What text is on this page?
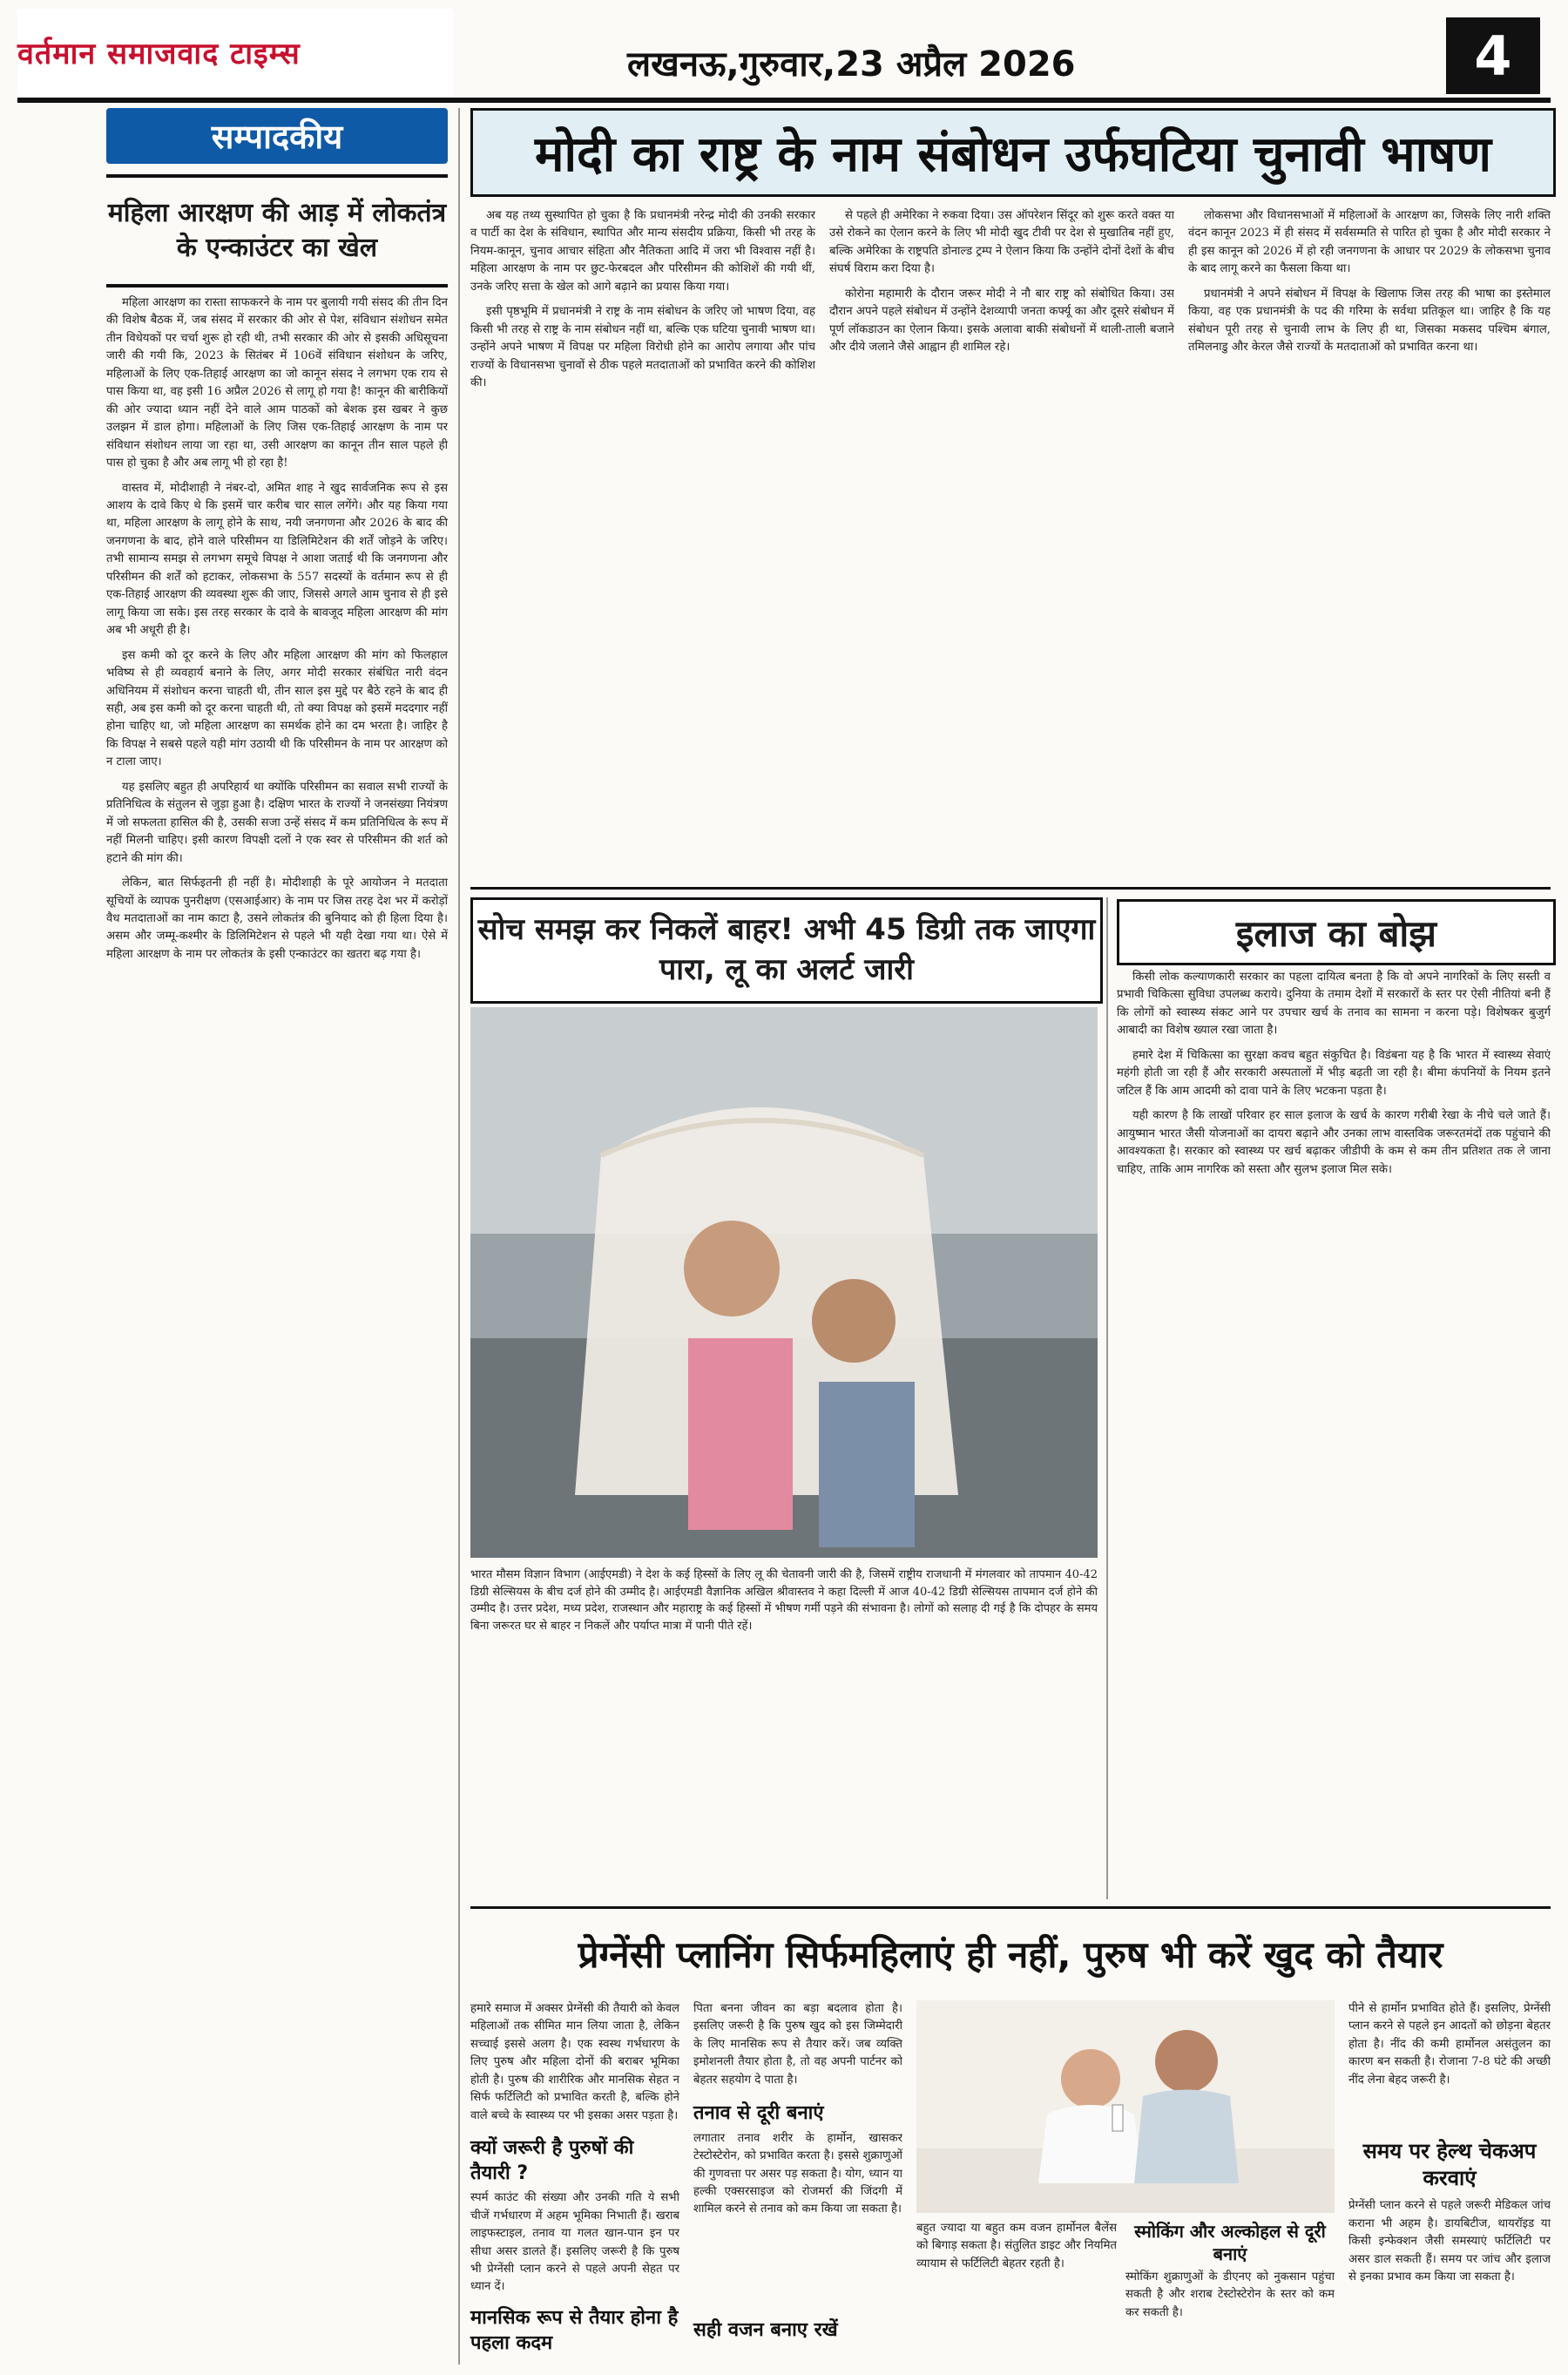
वर्तमान समाजवाद टाइम्स	लखनऊ,गुरुवार,23 अप्रैल 2026	4
सम्पादकीय
महिला आरक्षण की आड़ में लोकतंत्र के एन्काउंटर का खेल

महिला आरक्षण का रास्ता साफकरने के नाम पर बुलायी गयी संसद की तीन दिन की विशेष बैठक में, जब संसद में सरकार की ओर से पेश, संविधान संशोधन समेत तीन विधेयकों पर चर्चा शुरू हो रही थी, तभी सरकार की ओर से इसकी अधिसूचना जारी की गयी कि, 2023 के सितंबर में 106वें संविधान संशोधन के जरिए, महिलाओं के लिए एक-तिहाई आरक्षण का जो कानून संसद ने लगभग एक राय से पास किया था, वह इसी 16 अप्रैल 2026 से लागू हो गया है! कानून की बारीकियों की ओर ज्यादा ध्यान नहीं देने वाले आम पाठकों को बेशक इस खबर ने कुछ उलझन में डाल होगा। महिलाओं के लिए जिस एक-तिहाई आरक्षण के नाम पर संविधान संशोधन लाया जा रहा था, उसी आरक्षण का कानून तीन साल पहले ही पास हो चुका है और अब लागू भी हो रहा है!

वास्तव में, मोदीशाही ने नंबर-दो, अमित शाह ने खुद सार्वजनिक रूप से इस आशय के दावे किए थे कि इसमें चार करीब चार साल लगेंगे। और यह किया गया था, महिला आरक्षण के लागू होने के साथ, नयी जनगणना और 2026 के बाद की जनगणना के बाद, होने वाले परिसीमन या डिलिमिटेशन की शर्तें जोड़ने के जरिए। तभी सामान्य समझ से लगभग समूचे विपक्ष ने आशा जताई थी कि जनगणना और परिसीमन की शर्तें को हटाकर, लोकसभा के 557 सदस्यों के वर्तमान रूप से ही एक-तिहाई आरक्षण की व्यवस्था शुरू की जाए, जिससे अगले आम चुनाव से ही इसे लागू किया जा सके। इस तरह सरकार के दावे के बावजूद महिला आरक्षण की मांग अब भी अधूरी ही है।

इस कमी को दूर करने के लिए और महिला आरक्षण की मांग को फिलहाल भविष्य से ही व्यवहार्य बनाने के लिए, अगर मोदी सरकार संबंधित नारी वंदन अधिनियम में संशोधन करना चाहती थी, तीन साल इस मुद्दे पर बैठे रहने के बाद ही सही, अब इस कमी को दूर करना चाहती थी, तो क्या विपक्ष को इसमें मददगार नहीं होना चाहिए था, जो महिला आरक्षण का समर्थक होने का दम भरता है। जाहिर है कि विपक्ष ने सबसे पहले यही मांग उठायी थी कि परिसीमन के नाम पर आरक्षण को न टाला जाए।

यह इसलिए बहुत ही अपरिहार्य था क्योंकि परिसीमन का सवाल सभी राज्यों के प्रतिनिधित्व के संतुलन से जुड़ा हुआ है। दक्षिण भारत के राज्यों ने जनसंख्या नियंत्रण में जो सफलता हासिल की है, उसकी सजा उन्हें संसद में कम प्रतिनिधित्व के रूप में नहीं मिलनी चाहिए। इसी कारण विपक्षी दलों ने एक स्वर से परिसीमन की शर्त को हटाने की मांग की।

लेकिन, बात सिर्फइतनी ही नहीं है। मोदीशाही के पूरे आयोजन ने मतदाता सूचियों के व्यापक पुनरीक्षण (एसआईआर) के नाम पर जिस तरह देश भर में करोड़ों वैध मतदाताओं का नाम काटा है, उसने लोकतंत्र की बुनियाद को ही हिला दिया है। असम और जम्मू-कश्मीर के डिलिमिटेशन से पहले भी यही देखा गया था। ऐसे में महिला आरक्षण के नाम पर लोकतंत्र के इसी एन्काउंटर का खतरा बढ़ गया है।

मोदी का राष्ट्र के नाम संबोधन उर्फघटिया चुनावी भाषण

अब यह तथ्य सुस्थापित हो चुका है कि प्रधानमंत्री नरेन्द्र मोदी की उनकी सरकार व पार्टी का देश के संविधान, स्थापित और मान्य संसदीय प्रक्रिया, किसी भी तरह के नियम-कानून, चुनाव आचार संहिता और नैतिकता आदि में जरा भी विश्वास नहीं है। महिला आरक्षण के नाम पर छुट-फेरबदल और परिसीमन की कोशिशें की गयी थीं, उनके जरिए सत्ता के खेल को आगे बढ़ाने का प्रयास किया गया।

इसी पृष्ठभूमि में प्रधानमंत्री ने राष्ट्र के नाम संबोधन के जरिए जो भाषण दिया, वह किसी भी तरह से राष्ट्र के नाम संबोधन नहीं था, बल्कि एक घटिया चुनावी भाषण था। उन्होंने अपने भाषण में विपक्ष पर महिला विरोधी होने का आरोप लगाया और पांच राज्यों के विधानसभा चुनावों से ठीक पहले मतदाताओं को प्रभावित करने की कोशिश की।

से पहले ही अमेरिका ने रुकवा दिया। उस ऑपरेशन सिंदूर को शुरू करते वक्त या उसे रोकने का ऐलान करने के लिए भी मोदी खुद टीवी पर देश से मुखातिब नहीं हुए, बल्कि अमेरिका के राष्ट्रपति डोनाल्ड ट्रम्प ने ऐलान किया कि उन्होंने दोनों देशों के बीच संघर्ष विराम करा दिया है।

कोरोना महामारी के दौरान जरूर मोदी ने नौ बार राष्ट्र को संबोधित किया। उस दौरान अपने पहले संबोधन में उन्होंने देशव्यापी जनता कर्फ्यू का और दूसरे संबोधन में पूर्ण लॉकडाउन का ऐलान किया। इसके अलावा बाकी संबोधनों में थाली-ताली बजाने और दीये जलाने जैसे आह्वान ही शामिल रहे।

लोकसभा और विधानसभाओं में महिलाओं के आरक्षण का, जिसके लिए नारी शक्ति वंदन कानून 2023 में ही संसद में सर्वसम्मति से पारित हो चुका है और मोदी सरकार ने ही इस कानून को 2026 में हो रही जनगणना के आधार पर 2029 के लोकसभा चुनाव के बाद लागू करने का फैसला किया था।

प्रधानमंत्री ने अपने संबोधन में विपक्ष के खिलाफ जिस तरह की भाषा का इस्तेमाल किया, वह एक प्रधानमंत्री के पद की गरिमा के सर्वथा प्रतिकूल था। जाहिर है कि यह संबोधन पूरी तरह से चुनावी लाभ के लिए ही था, जिसका मकसद पश्चिम बंगाल, तमिलनाडु और केरल जैसे राज्यों के मतदाताओं को प्रभावित करना था।

सोच समझ कर निकलें बाहर! अभी 45 डिग्री तक जाएगा पारा, लू का अलर्ट जारी
भारत मौसम विज्ञान विभाग (आईएमडी) ने देश के कई हिस्सों के लिए लू की चेतावनी जारी की है, जिसमें राष्ट्रीय राजधानी में मंगलवार को तापमान 40-42 डिग्री सेल्सियस के बीच दर्ज होने की उम्मीद है। आईएमडी वैज्ञानिक अखिल श्रीवास्तव ने कहा दिल्ली में आज 40-42 डिग्री सेल्सियस तापमान दर्ज होने की उम्मीद है। उत्तर प्रदेश, मध्य प्रदेश, राजस्थान और महाराष्ट्र के कई हिस्सों में भीषण गर्मी पड़ने की संभावना है। लोगों को सलाह दी गई है कि दोपहर के समय बिना जरूरत घर से बाहर न निकलें और पर्याप्त मात्रा में पानी पीते रहें।
इलाज का बोझ

किसी लोक कल्याणकारी सरकार का पहला दायित्व बनता है कि वो अपने नागरिकों के लिए सस्ती व प्रभावी चिकित्सा सुविधा उपलब्ध कराये। दुनिया के तमाम देशों में सरकारों के स्तर पर ऐसी नीतियां बनी हैं कि लोगों को स्वास्थ्य संकट आने पर उपचार खर्च के तनाव का सामना न करना पड़े। विशेषकर बुजुर्ग आबादी का विशेष ख्याल रखा जाता है।

हमारे देश में चिकित्सा का सुरक्षा कवच बहुत संकुचित है। विडंबना यह है कि भारत में स्वास्थ्य सेवाएं महंगी होती जा रही हैं और सरकारी अस्पतालों में भीड़ बढ़ती जा रही है। बीमा कंपनियों के नियम इतने जटिल हैं कि आम आदमी को दावा पाने के लिए भटकना पड़ता है।

यही कारण है कि लाखों परिवार हर साल इलाज के खर्च के कारण गरीबी रेखा के नीचे चले जाते हैं। आयुष्मान भारत जैसी योजनाओं का दायरा बढ़ाने और उनका लाभ वास्तविक जरूरतमंदों तक पहुंचाने की आवश्यकता है। सरकार को स्वास्थ्य पर खर्च बढ़ाकर जीडीपी के कम से कम तीन प्रतिशत तक ले जाना चाहिए, ताकि आम नागरिक को सस्ता और सुलभ इलाज मिल सके।

प्रेग्नेंसी प्लानिंग सिर्फमहिलाएं ही नहीं, पुरुष भी करें खुद को तैयार
हमारे समाज में अक्सर प्रेग्नेंसी की तैयारी को केवल महिलाओं तक सीमित मान लिया जाता है, लेकिन सच्चाई इससे अलग है। एक स्वस्थ गर्भधारण के लिए पुरुष और महिला दोनों की बराबर भूमिका होती है। पुरुष की शारीरिक और मानसिक सेहत न सिर्फ फर्टिलिटी को प्रभावित करती है, बल्कि होने वाले बच्चे के स्वास्थ्य पर भी इसका असर पड़ता है।
क्यों जरूरी है पुरुषों की तैयारी ?
स्पर्म काउंट की संख्या और उनकी गति ये सभी चीजें गर्भधारण में अहम भूमिका निभाती हैं। खराब लाइफस्टाइल, तनाव या गलत खान-पान इन पर सीधा असर डालते हैं। इसलिए जरूरी है कि पुरुष भी प्रेग्नेंसी प्लान करने से पहले अपनी सेहत पर ध्यान दें।
मानसिक रूप से तैयार होना है पहला कदम
पिता बनना जीवन का बड़ा बदलाव होता है। इसलिए जरूरी है कि पुरुष खुद को इस जिम्मेदारी के लिए मानसिक रूप से तैयार करें। जब व्यक्ति इमोशनली तैयार होता है, तो वह अपनी पार्टनर को बेहतर सहयोग दे पाता है।
तनाव से दूरी बनाएं
लगातार तनाव शरीर के हार्मोन, खासकर टेस्टोस्टेरोन, को प्रभावित करता है। इससे शुक्राणुओं की गुणवत्ता पर असर पड़ सकता है। योग, ध्यान या हल्की एक्सरसाइज को रोजमर्रा की जिंदगी में शामिल करने से तनाव को कम किया जा सकता है।
सही वजन बनाए रखें
बहुत ज्यादा या बहुत कम वजन हार्मोनल बैलेंस को बिगाड़ सकता है। संतुलित डाइट और नियमित व्यायाम से फर्टिलिटी बेहतर रहती है।
स्मोकिंग और अल्कोहल से दूरी बनाएं
स्मोकिंग शुक्राणुओं के डीएनए को नुकसान पहुंचा सकती है और शराब टेस्टोस्टेरोन के स्तर को कम कर सकती है।
पीने से हार्मोन प्रभावित होते हैं। इसलिए, प्रेग्नेंसी प्लान करने से पहले इन आदतों को छोड़ना बेहतर होता है। नींद की कमी हार्मोनल असंतुलन का कारण बन सकती है। रोजाना 7-8 घंटे की अच्छी नींद लेना बेहद जरूरी है।
समय पर हेल्थ चेकअप करवाएं
प्रेग्नेंसी प्लान करने से पहले जरूरी मेडिकल जांच कराना भी अहम है। डायबिटीज, थायरॉइड या किसी इन्फेक्शन जैसी समस्याएं फर्टिलिटी पर असर डाल सकती हैं। समय पर जांच और इलाज से इनका प्रभाव कम किया जा सकता है।
